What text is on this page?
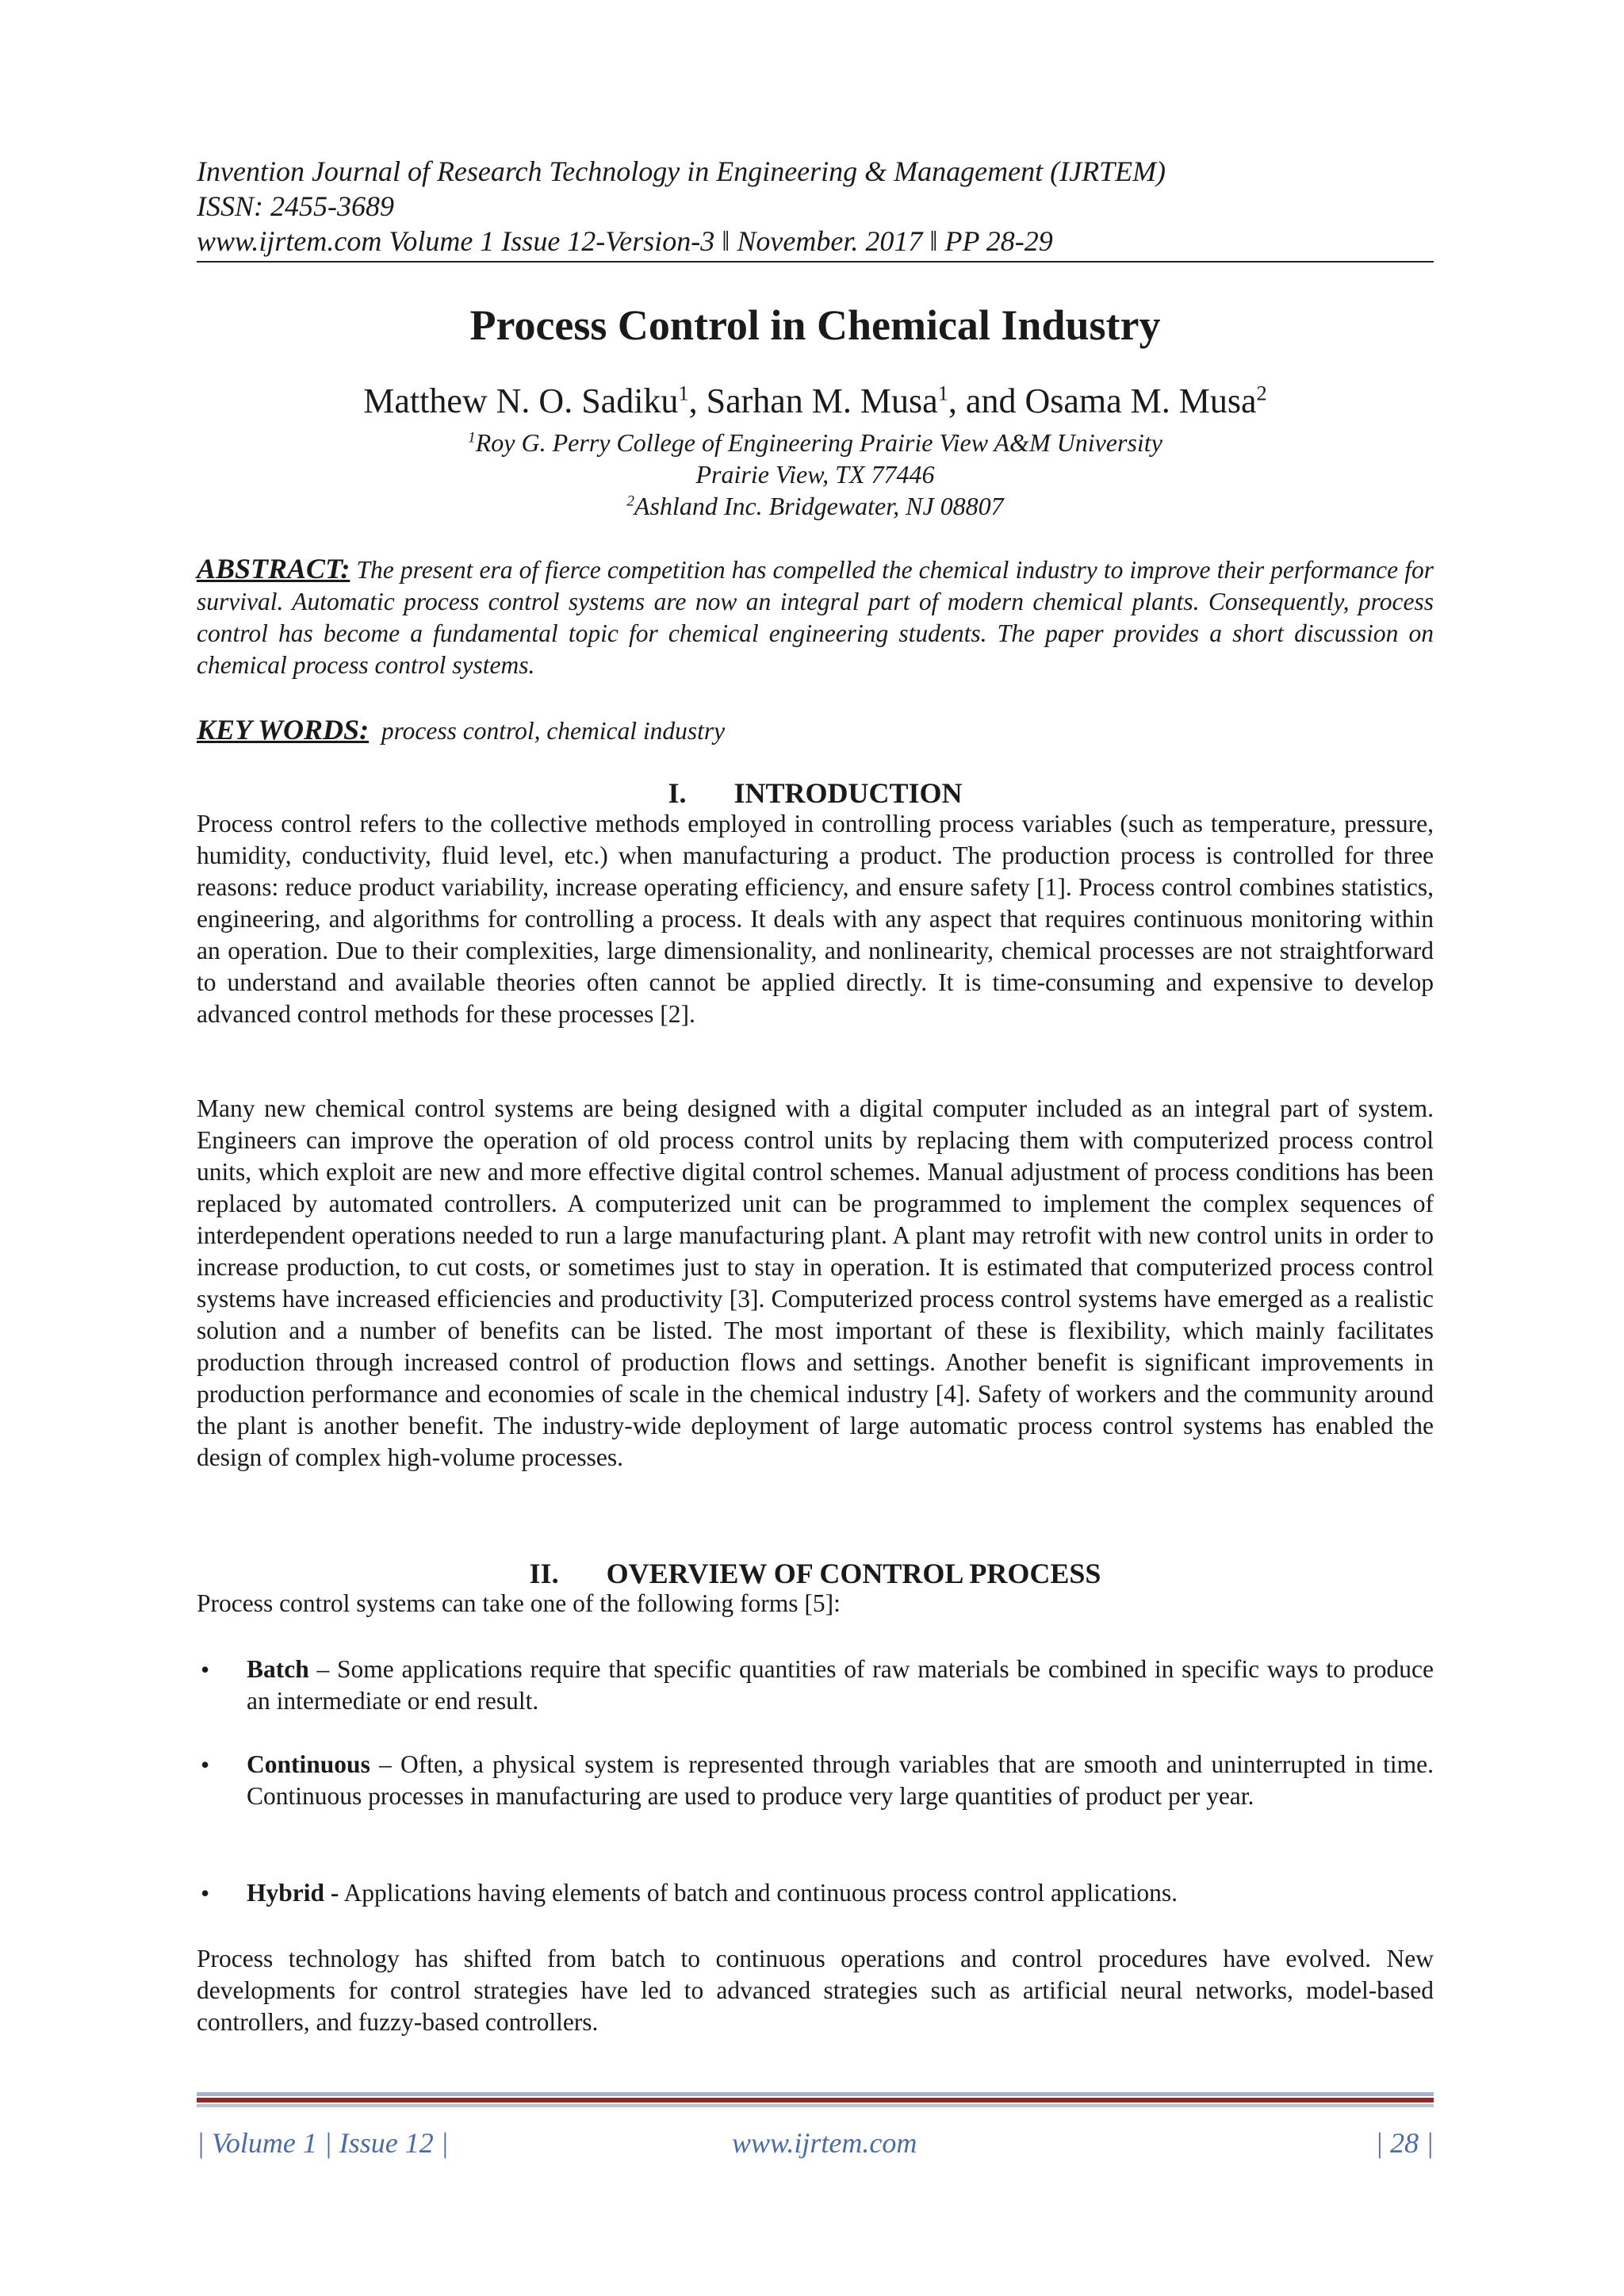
Invention Journal of Research Technology in Engineering & Management (IJRTEM)
ISSN: 2455-3689
www.ijrtem.com Volume 1 Issue 12-Version-3 ǁ November. 2017 ǁ PP 28-29
Process Control in Chemical Industry
Matthew N. O. Sadiku$^1$, Sarhan M. Musa$^1$, and Osama M. Musa$^2$
$^1$Roy G. Perry College of Engineering Prairie View A&M University
Prairie View, TX 77446
$^2$Ashland Inc. Bridgewater, NJ 08807
ABSTRACT: The present era of fierce competition has compelled the chemical industry to improve their performance for survival. Automatic process control systems are now an integral part of modern chemical plants. Consequently, process control has become a fundamental topic for chemical engineering students. The paper provides a short discussion on chemical process control systems.
KEY WORDS: process control, chemical industry
I. INTRODUCTION
Process control refers to the collective methods employed in controlling process variables (such as temperature, pressure, humidity, conductivity, fluid level, etc.) when manufacturing a product. The production process is controlled for three reasons: reduce product variability, increase operating efficiency, and ensure safety [1]. Process control combines statistics, engineering, and algorithms for controlling a process. It deals with any aspect that requires continuous monitoring within an operation. Due to their complexities, large dimensionality, and nonlinearity, chemical processes are not straightforward to understand and available theories often cannot be applied directly. It is time-consuming and expensive to develop advanced control methods for these processes [2].
Many new chemical control systems are being designed with a digital computer included as an integral part of system. Engineers can improve the operation of old process control units by replacing them with computerized process control units, which exploit are new and more effective digital control schemes. Manual adjustment of process conditions has been replaced by automated controllers. A computerized unit can be programmed to implement the complex sequences of interdependent operations needed to run a large manufacturing plant. A plant may retrofit with new control units in order to increase production, to cut costs, or sometimes just to stay in operation. It is estimated that computerized process control systems have increased efficiencies and productivity [3]. Computerized process control systems have emerged as a realistic solution and a number of benefits can be listed. The most important of these is flexibility, which mainly facilitates production through increased control of production flows and settings. Another benefit is significant improvements in production performance and economies of scale in the chemical industry [4]. Safety of workers and the community around the plant is another benefit. The industry-wide deployment of large automatic process control systems has enabled the design of complex high-volume processes.
II. OVERVIEW OF CONTROL PROCESS
Process control systems can take one of the following forms [5]:
• Batch – Some applications require that specific quantities of raw materials be combined in specific ways to produce an intermediate or end result.
• Continuous – Often, a physical system is represented through variables that are smooth and uninterrupted in time. Continuous processes in manufacturing are used to produce very large quantities of product per year.
• Hybrid - Applications having elements of batch and continuous process control applications.
Process technology has shifted from batch to continuous operations and control procedures have evolved. New developments for control strategies have led to advanced strategies such as artificial neural networks, model-based controllers, and fuzzy-based controllers.
| Volume 1 | Issue 12 |	www.ijrtem.com	| 28 |
